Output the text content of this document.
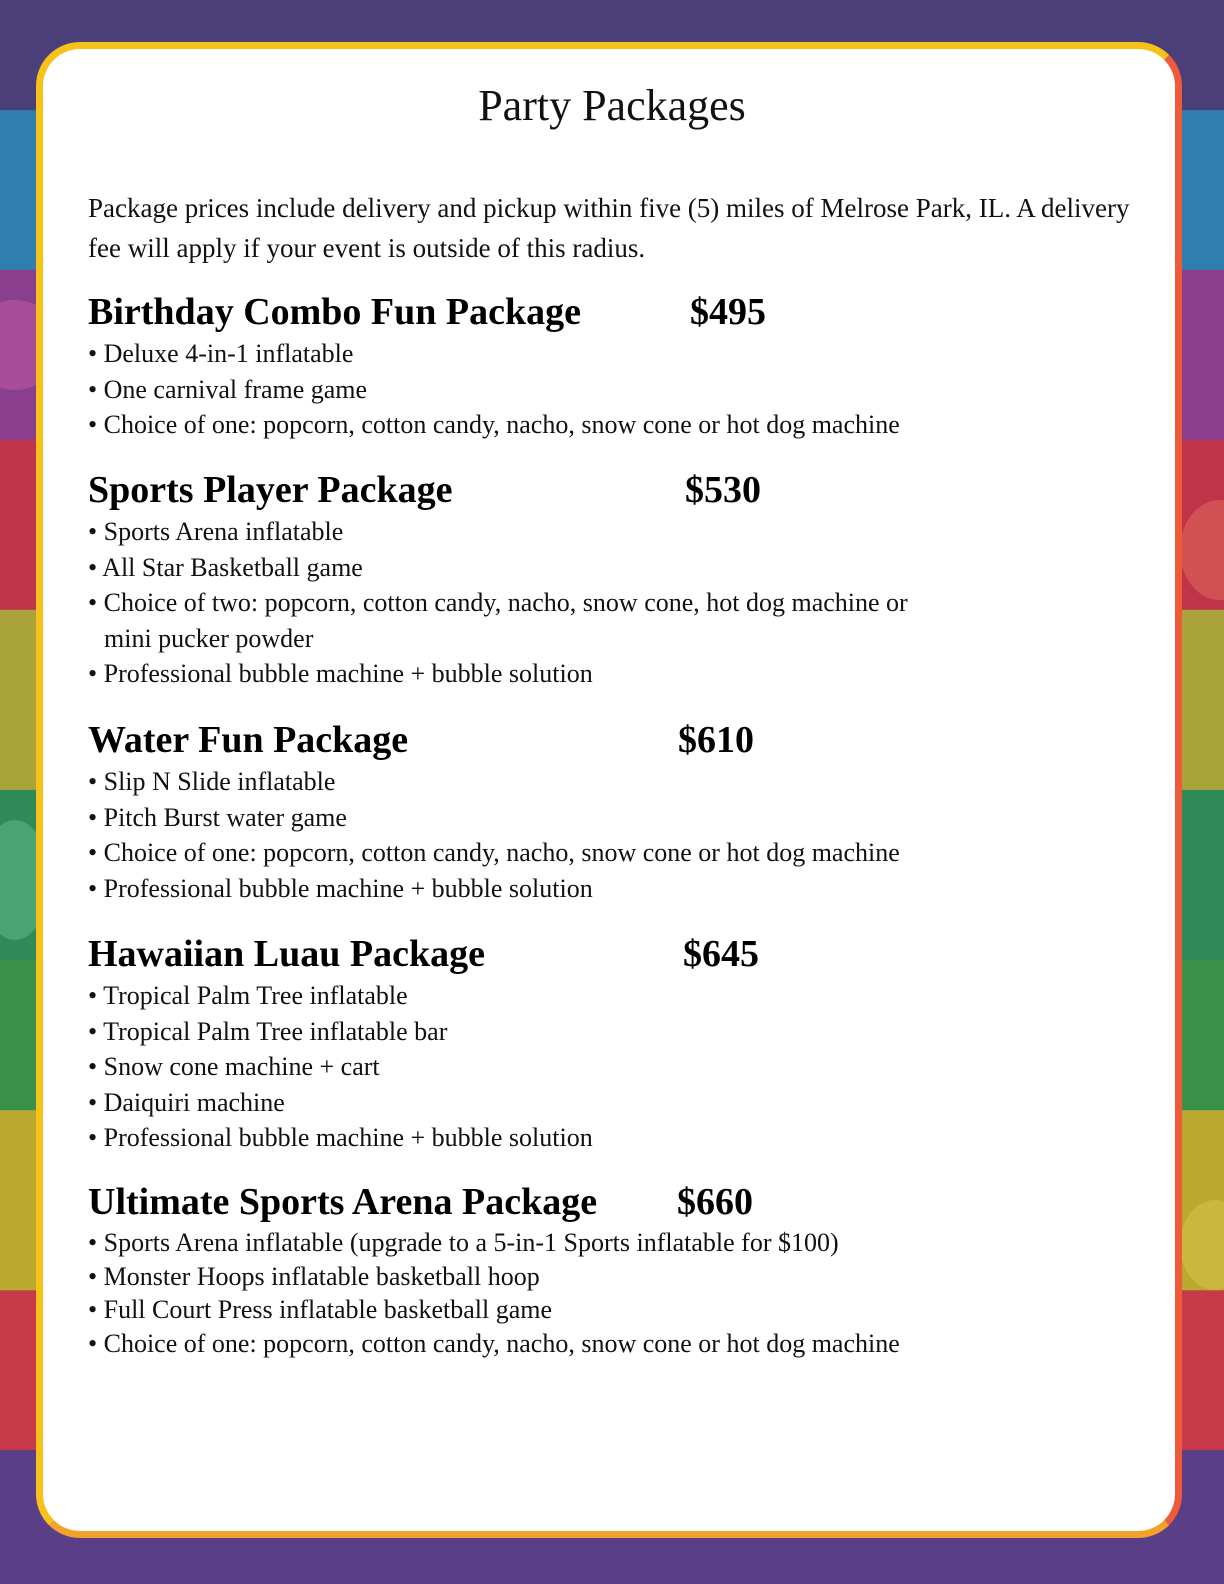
Party Packages

Package prices include delivery and pickup within five (5) miles of Melrose Park, IL. A delivery fee will apply if your event is outside of this radius.

Birthday Combo Fun Package	$495
• Deluxe 4-in-1 inflatable
• One carnival frame game
• Choice of one: popcorn, cotton candy, nacho, snow cone or hot dog machine
Sports Player Package	$530
• Sports Arena inflatable
• All Star Basketball game
• Choice of two: popcorn, cotton candy, nacho, snow cone, hot dog machine or mini pucker powder
• Professional bubble machine + bubble solution
Water Fun Package	$610
• Slip N Slide inflatable
• Pitch Burst water game
• Choice of one: popcorn, cotton candy, nacho, snow cone or hot dog machine
• Professional bubble machine + bubble solution
Hawaiian Luau Package	$645
• Tropical Palm Tree inflatable
• Tropical Palm Tree inflatable bar
• Snow cone machine + cart
• Daiquiri machine
• Professional bubble machine + bubble solution
Ultimate Sports Arena Package $660
• Sports Arena inflatable (upgrade to a 5-in-1 Sports inflatable for $100)
• Monster Hoops inflatable basketball hoop
• Full Court Press inflatable basketball game
• Choice of one: popcorn, cotton candy, nacho, snow cone or hot dog machine
